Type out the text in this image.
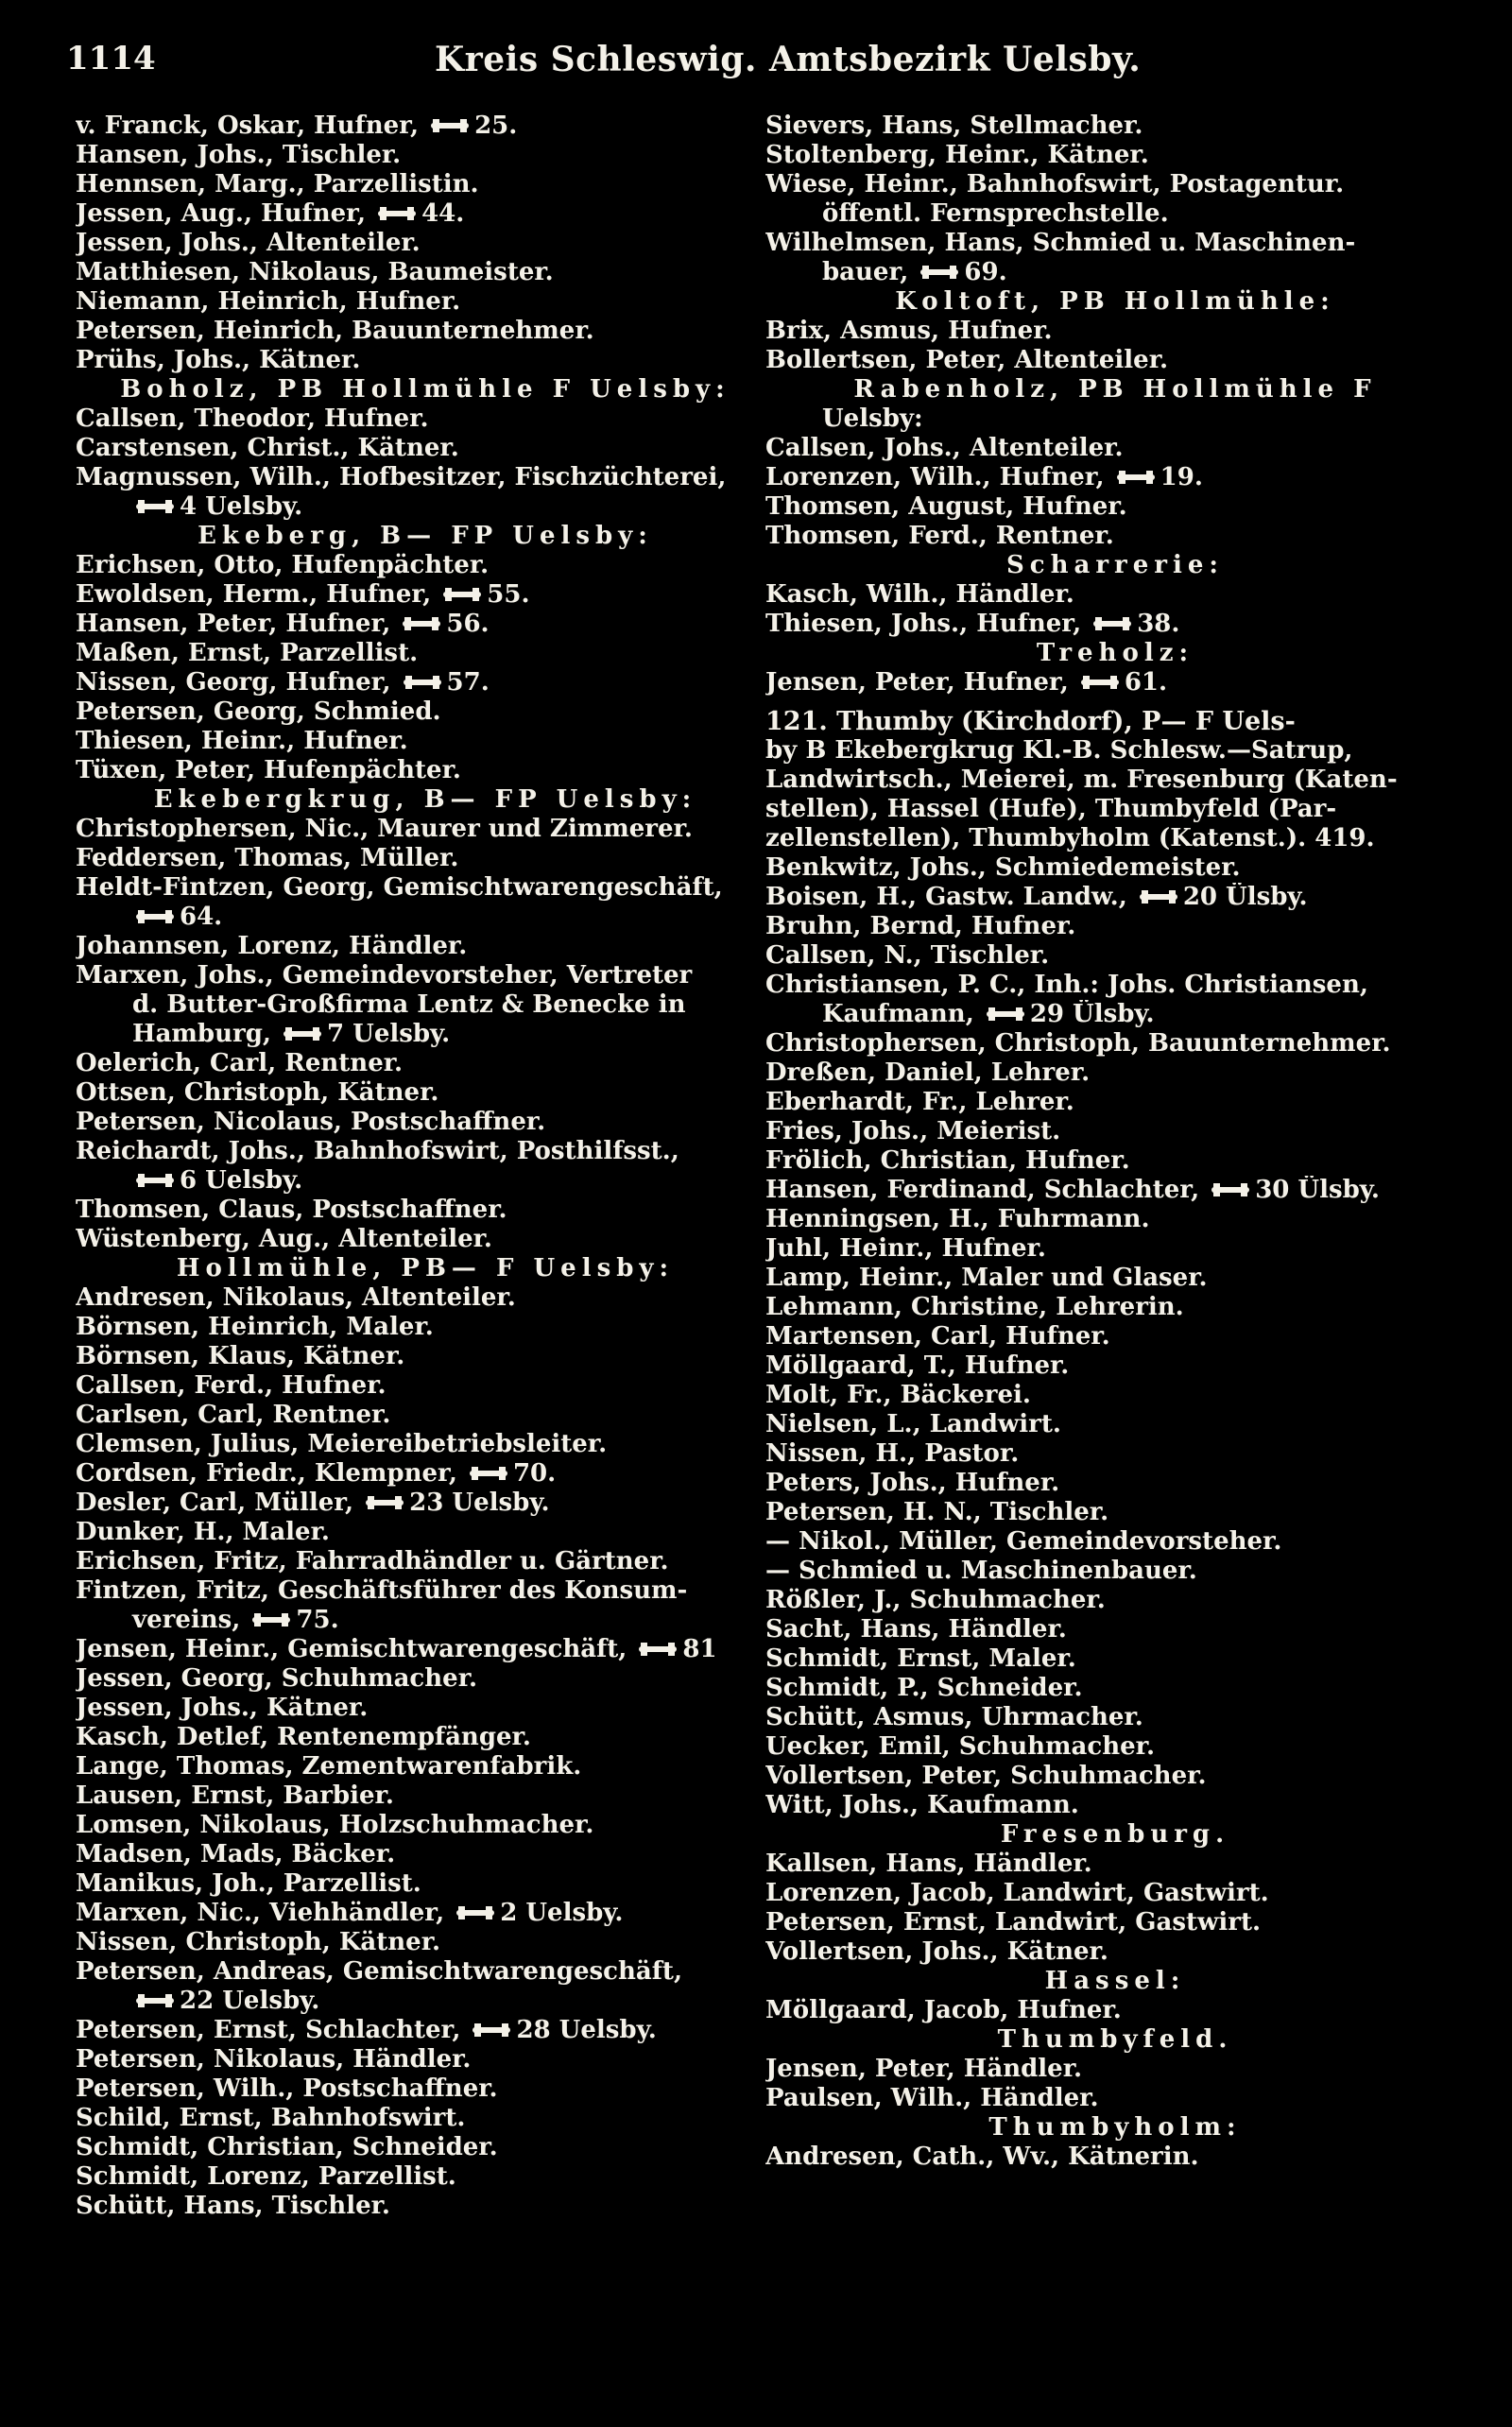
1114	Kreis Schleswig. Amtsbezirk Uelsby.
v. Franck, Oskar, Hufner, 25.
Hansen, Johs., Tischler.
Hennsen, Marg., Parzellistin.
Jessen, Aug., Hufner, 44.
Jessen, Johs., Altenteiler.
Matthiesen, Nikolaus, Baumeister.
Niemann, Heinrich, Hufner.
Petersen, Heinrich, Bauunternehmer.
Prühs, Johs., Kätner.
Boholz, PB Hollmühle F Uelsby:
Callsen, Theodor, Hufner.
Carstensen, Christ., Kätner.
Magnussen, Wilh., Hofbesitzer, Fischzüchterei,
4 Uelsby.
Ekeberg, B— FP Uelsby:
Erichsen, Otto, Hufenpächter.
Ewoldsen, Herm., Hufner, 55.
Hansen, Peter, Hufner, 56.
Maßen, Ernst, Parzellist.
Nissen, Georg, Hufner, 57.
Petersen, Georg, Schmied.
Thiesen, Heinr., Hufner.
Tüxen, Peter, Hufenpächter.
Ekebergkrug, B— FP Uelsby:
Christophersen, Nic., Maurer und Zimmerer.
Feddersen, Thomas, Müller.
Heldt-Fintzen, Georg, Gemischtwarengeschäft,
64.
Johannsen, Lorenz, Händler.
Marxen, Johs., Gemeindevorsteher, Vertreter
d. Butter-Großfirma Lentz & Benecke in
Hamburg, 7 Uelsby.
Oelerich, Carl, Rentner.
Ottsen, Christoph, Kätner.
Petersen, Nicolaus, Postschaffner.
Reichardt, Johs., Bahnhofswirt, Posthilfsst.,
6 Uelsby.
Thomsen, Claus, Postschaffner.
Wüstenberg, Aug., Altenteiler.
Hollmühle, PB— F Uelsby:
Andresen, Nikolaus, Altenteiler.
Börnsen, Heinrich, Maler.
Börnsen, Klaus, Kätner.
Callsen, Ferd., Hufner.
Carlsen, Carl, Rentner.
Clemsen, Julius, Meiereibetriebsleiter.
Cordsen, Friedr., Klempner, 70.
Desler, Carl, Müller, 23 Uelsby.
Dunker, H., Maler.
Erichsen, Fritz, Fahrradhändler u. Gärtner.
Fintzen, Fritz, Geschäftsführer des Konsum-
vereins, 75.
Jensen, Heinr., Gemischtwarengeschäft, 81
Jessen, Georg, Schuhmacher.
Jessen, Johs., Kätner.
Kasch, Detlef, Rentenempfänger.
Lange, Thomas, Zementwarenfabrik.
Lausen, Ernst, Barbier.
Lomsen, Nikolaus, Holzschuhmacher.
Madsen, Mads, Bäcker.
Manikus, Joh., Parzellist.
Marxen, Nic., Viehhändler, 2 Uelsby.
Nissen, Christoph, Kätner.
Petersen, Andreas, Gemischtwarengeschäft,
22 Uelsby.
Petersen, Ernst, Schlachter, 28 Uelsby.
Petersen, Nikolaus, Händler.
Petersen, Wilh., Postschaffner.
Schild, Ernst, Bahnhofswirt.
Schmidt, Christian, Schneider.
Schmidt, Lorenz, Parzellist.
Schütt, Hans, Tischler.
Sievers, Hans, Stellmacher.
Stoltenberg, Heinr., Kätner.
Wiese, Heinr., Bahnhofswirt, Postagentur.
öffentl. Fernsprechstelle.
Wilhelmsen, Hans, Schmied u. Maschinen-
bauer, 69.
Koltoft, PB Hollmühle:
Brix, Asmus, Hufner.
Bollertsen, Peter, Altenteiler.
Rabenholz, PB Hollmühle F
Uelsby:
Callsen, Johs., Altenteiler.
Lorenzen, Wilh., Hufner, 19.
Thomsen, August, Hufner.
Thomsen, Ferd., Rentner.
Scharrerie:
Kasch, Wilh., Händler.
Thiesen, Johs., Hufner, 38.
Treholz:
Jensen, Peter, Hufner, 61.
121. Thumby (Kirchdorf), P— F Uels-
by B Ekebergkrug Kl.-B. Schlesw.—Satrup,
Landwirtsch., Meierei, m. Fresenburg (Katen-
stellen), Hassel (Hufe), Thumbyfeld (Par-
zellenstellen), Thumbyholm (Katenst.). 419.
Benkwitz, Johs., Schmiedemeister.
Boisen, H., Gastw. Landw., 20 Ülsby.
Bruhn, Bernd, Hufner.
Callsen, N., Tischler.
Christiansen, P. C., Inh.: Johs. Christiansen,
Kaufmann, 29 Ülsby.
Christophersen, Christoph, Bauunternehmer.
Dreßen, Daniel, Lehrer.
Eberhardt, Fr., Lehrer.
Fries, Johs., Meierist.
Frölich, Christian, Hufner.
Hansen, Ferdinand, Schlachter, 30 Ülsby.
Henningsen, H., Fuhrmann.
Juhl, Heinr., Hufner.
Lamp, Heinr., Maler und Glaser.
Lehmann, Christine, Lehrerin.
Martensen, Carl, Hufner.
Möllgaard, T., Hufner.
Molt, Fr., Bäckerei.
Nielsen, L., Landwirt.
Nissen, H., Pastor.
Peters, Johs., Hufner.
Petersen, H. N., Tischler.
— Nikol., Müller, Gemeindevorsteher.
— Schmied u. Maschinenbauer.
Rößler, J., Schuhmacher.
Sacht, Hans, Händler.
Schmidt, Ernst, Maler.
Schmidt, P., Schneider.
Schütt, Asmus, Uhrmacher.
Uecker, Emil, Schuhmacher.
Vollertsen, Peter, Schuhmacher.
Witt, Johs., Kaufmann.
Fresenburg.
Kallsen, Hans, Händler.
Lorenzen, Jacob, Landwirt, Gastwirt.
Petersen, Ernst, Landwirt, Gastwirt.
Vollertsen, Johs., Kätner.
Hassel:
Möllgaard, Jacob, Hufner.
Thumbyfeld.
Jensen, Peter, Händler.
Paulsen, Wilh., Händler.
Thumbyholm:
Andresen, Cath., Wv., Kätnerin.
